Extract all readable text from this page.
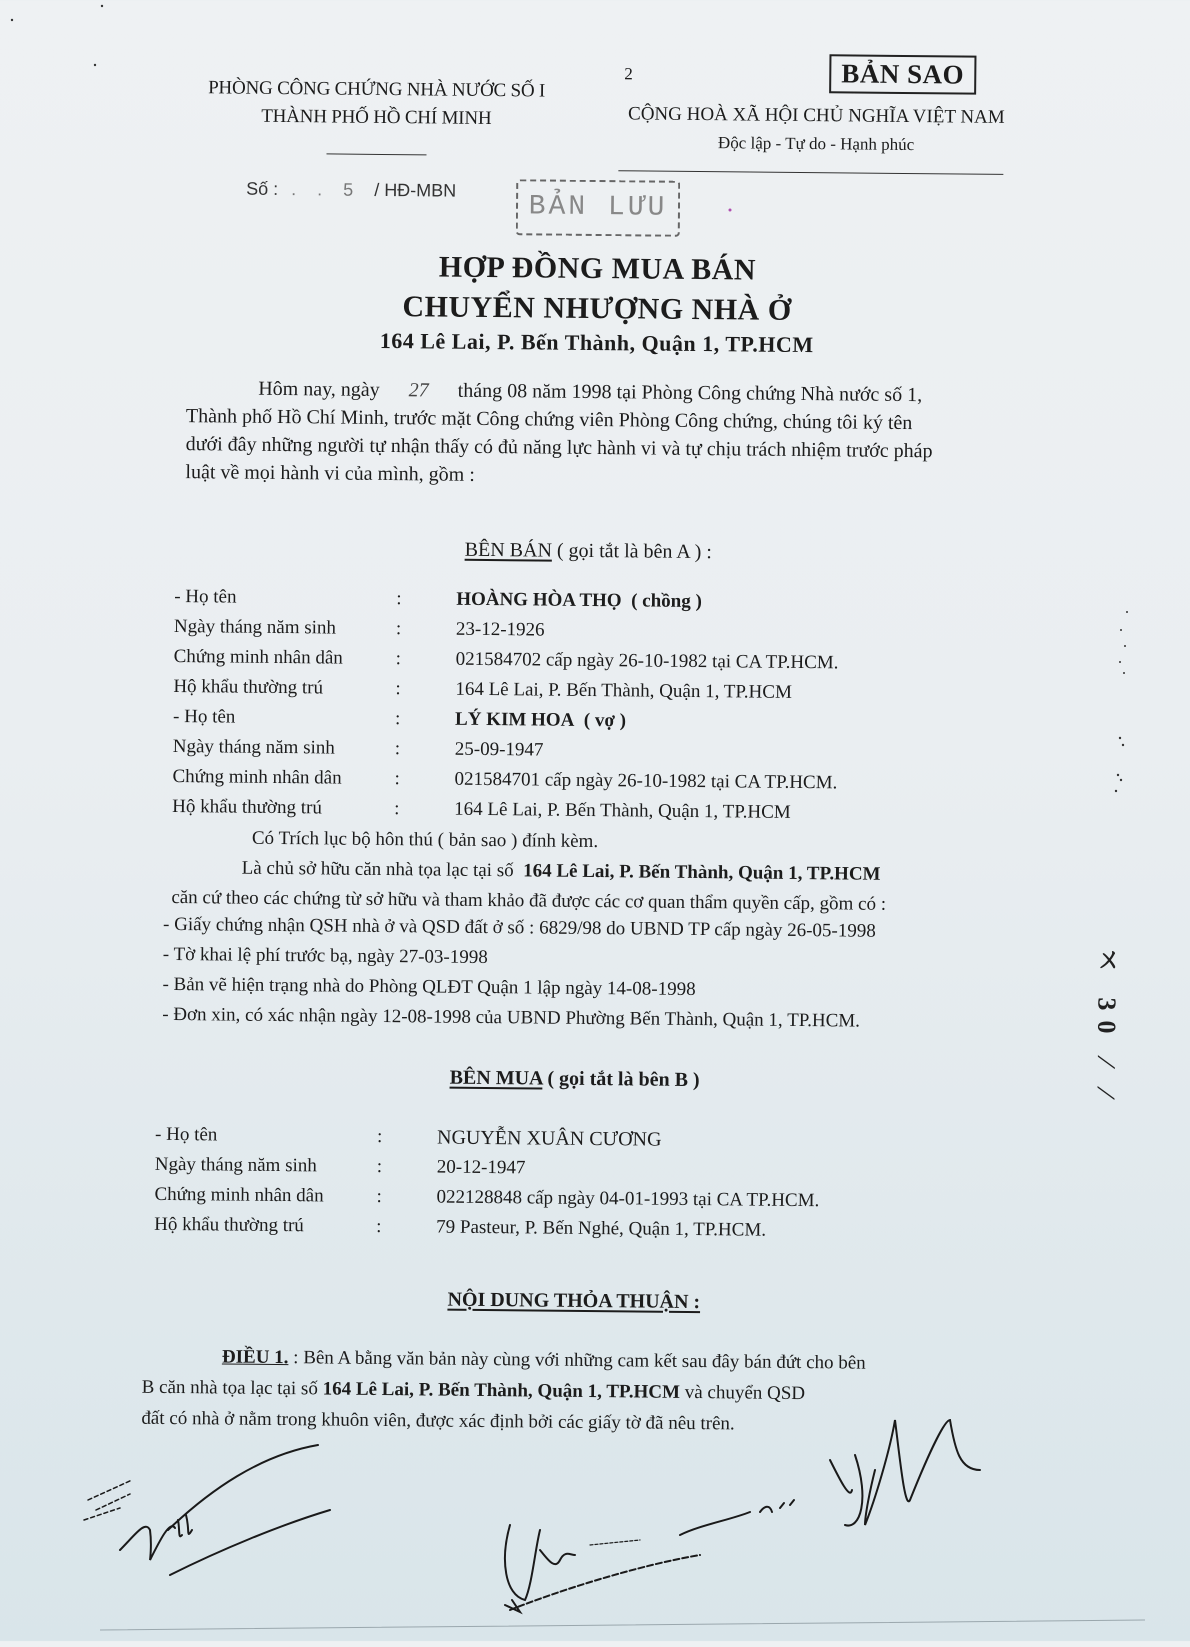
PHÒNG CÔNG CHỨNG NHÀ NƯỚC SỐ I
THÀNH PHỐ HỒ CHÍ MINH
2	BẢN SAO
CỘNG HOÀ XÃ HỘI CHỦ NGHĨA VIỆT NAM
Độc lập - Tự do - Hạnh phúc
Số : . . 5 / HĐ-MBN
BẢN LƯU
HỢP ĐỒNG MUA BÁN
CHUYỂN NHƯỢNG NHÀ Ở
164 Lê Lai, P. Bến Thành, Quận 1, TP.HCM
Hôm nay, ngày 27 tháng 08 năm 1998 tại Phòng Công chứng Nhà nước số 1,
Thành phố Hồ Chí Minh, trước mặt Công chứng viên Phòng Công chứng, chúng tôi ký tên
dưới đây những người tự nhận thấy có đủ năng lực hành vi và tự chịu trách nhiệm trước pháp
luật về mọi hành vi của mình, gồm :
BÊN BÁN ( gọi tắt là bên A ) :
- Họ tên	:	HOÀNG HÒA THỌ ( chồng )
Ngày tháng năm sinh	:	23-12-1926
Chứng minh nhân dân	:	021584702 cấp ngày 26-10-1982 tại CA TP.HCM.
Hộ khẩu thường trú	:	164 Lê Lai, P. Bến Thành, Quận 1, TP.HCM
- Họ tên	:	LÝ KIM HOA ( vợ )
Ngày tháng năm sinh	:	25-09-1947
Chứng minh nhân dân	:	021584701 cấp ngày 26-10-1982 tại CA TP.HCM.
Hộ khẩu thường trú	:	164 Lê Lai, P. Bến Thành, Quận 1, TP.HCM
Có Trích lục bộ hôn thú ( bản sao ) đính kèm.
Là chủ sở hữu căn nhà tọa lạc tại số 164 Lê Lai, P. Bến Thành, Quận 1, TP.HCM
căn cứ theo các chứng từ sở hữu và tham khảo đã được các cơ quan thẩm quyền cấp, gồm có :
- Giấy chứng nhận QSH nhà ở và QSD đất ở số : 6829/98 do UBND TP cấp ngày 26-05-1998
- Tờ khai lệ phí trước bạ, ngày 27-03-1998
- Bản vẽ hiện trạng nhà do Phòng QLĐT Quận 1 lập ngày 14-08-1998
- Đơn xin, có xác nhận ngày 12-08-1998 của UBND Phường Bến Thành, Quận 1, TP.HCM.
BÊN MUA ( gọi tắt là bên B )
- Họ tên	:	NGUYỄN XUÂN CƯƠNG
Ngày tháng năm sinh	:	20-12-1947
Chứng minh nhân dân	:	022128848 cấp ngày 04-01-1993 tại CA TP.HCM.
Hộ khẩu thường trú	:	79 Pasteur, P. Bến Nghé, Quận 1, TP.HCM.
NỘI DUNG THỎA THUẬN :
ĐIỀU 1. : Bên A bằng văn bản này cùng với những cam kết sau đây bán đứt cho bên
B căn nhà tọa lạc tại số 164 Lê Lai, P. Bến Thành, Quận 1, TP.HCM và chuyển QSD
đất có nhà ở nằm trong khuôn viên, được xác định bởi các giấy tờ đã nêu trên.
ㄨ 30 ⁄ ⁄
